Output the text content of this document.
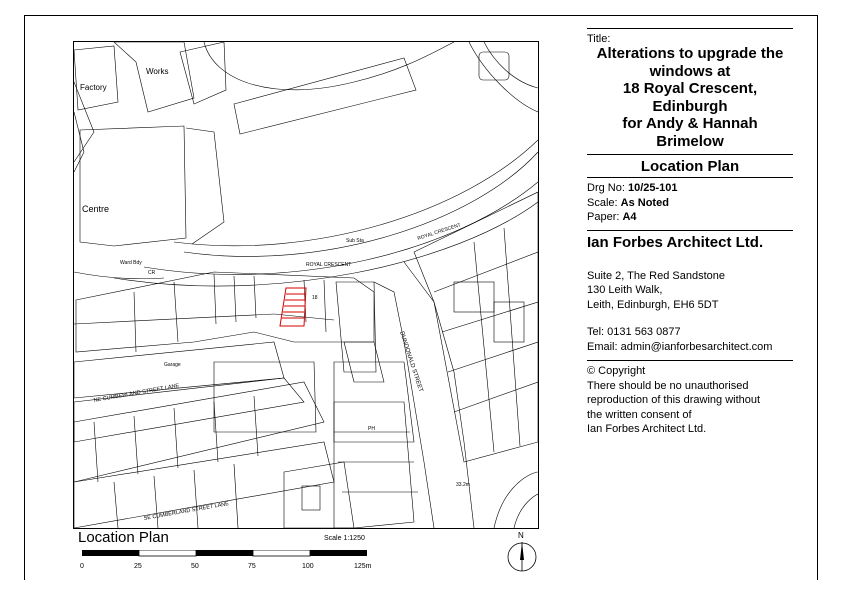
Factory
Works
Centre
ROYAL CRESCENT
ROYAL CRESCENT
Ward Bdy
CR
Sub Sta
DUNDONALD STREET
NE CUMBERLAND STREET LANE
SE CUMBERLAND STREET LANE
Garage
PH
33.2m
18
Location Plan	Scale 1:1250
0	25	50	75	100	125m
N
Title:
Alterations to upgrade the
windows at
18 Royal Crescent,
Edinburgh
for Andy & Hannah Brimelow
Location Plan
Drg No: 10/25-101
Scale: As Noted
Paper: A4
Ian Forbes Architect Ltd.
Suite 2, The Red Sandstone
130 Leith Walk,
Leith, Edinburgh, EH6 5DT
Tel: 0131 563 0877
Email: admin@ianforbesarchitect.com
© Copyright
There should be no unauthorised
reproduction of this drawing without
the written consent of
Ian Forbes Architect Ltd.
